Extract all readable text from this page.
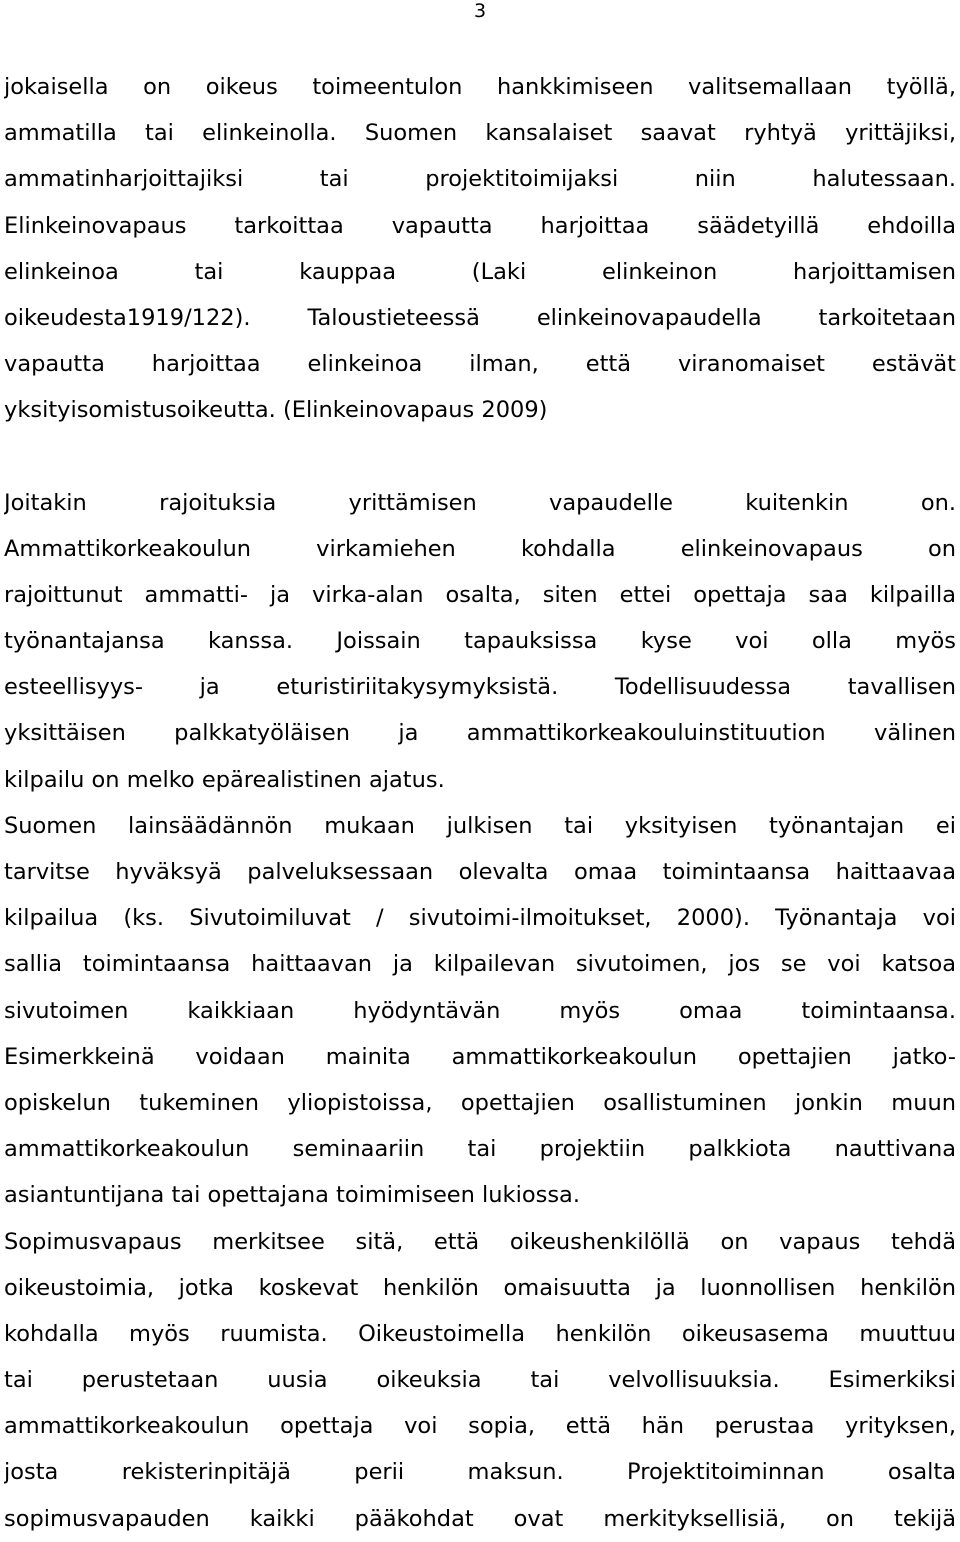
3
jokaisella on oikeus toimeentulon hankkimiseen valitsemallaan työllä,
ammatilla tai elinkeinolla. Suomen kansalaiset saavat ryhtyä yrittäjiksi,
ammatinharjoittajiksi tai projektitoimijaksi niin halutessaan.
Elinkeinovapaus tarkoittaa vapautta harjoittaa säädetyillä ehdoilla
elinkeinoa tai kauppaa (Laki elinkeinon harjoittamisen
oikeudesta1919/122). Taloustieteessä elinkeinovapaudella tarkoitetaan
vapautta harjoittaa elinkeinoa ilman, että viranomaiset estävät
yksityisomistusoikeutta. (Elinkeinovapaus 2009)
Joitakin rajoituksia yrittämisen vapaudelle kuitenkin on.
Ammattikorkeakoulun virkamiehen kohdalla elinkeinovapaus on
rajoittunut ammatti- ja virka-alan osalta, siten ettei opettaja saa kilpailla
työnantajansa kanssa. Joissain tapauksissa kyse voi olla myös
esteellisyys- ja eturistiriitakysymyksistä. Todellisuudessa tavallisen
yksittäisen palkkatyöläisen ja ammattikorkeakouluinstituution välinen
kilpailu on melko epärealistinen ajatus.
Suomen lainsäädännön mukaan julkisen tai yksityisen työnantajan ei
tarvitse hyväksyä palveluksessaan olevalta omaa toimintaansa haittaavaa
kilpailua (ks. Sivutoimiluvat / sivutoimi-ilmoitukset, 2000). Työnantaja voi
sallia toimintaansa haittaavan ja kilpailevan sivutoimen, jos se voi katsoa
sivutoimen kaikkiaan hyödyntävän myös omaa toimintaansa.
Esimerkkeinä voidaan mainita ammattikorkeakoulun opettajien jatko-
opiskelun tukeminen yliopistoissa, opettajien osallistuminen jonkin muun
ammattikorkeakoulun seminaariin tai projektiin palkkiota nauttivana
asiantuntijana tai opettajana toimimiseen lukiossa.
Sopimusvapaus merkitsee sitä, että oikeushenkilöllä on vapaus tehdä
oikeustoimia, jotka koskevat henkilön omaisuutta ja luonnollisen henkilön
kohdalla myös ruumista. Oikeustoimella henkilön oikeusasema muuttuu
tai perustetaan uusia oikeuksia tai velvollisuuksia. Esimerkiksi
ammattikorkeakoulun opettaja voi sopia, että hän perustaa yrityksen,
josta rekisterinpitäjä perii maksun. Projektitoiminnan osalta
sopimusvapauden kaikki pääkohdat ovat merkityksellisiä, on tekijä
